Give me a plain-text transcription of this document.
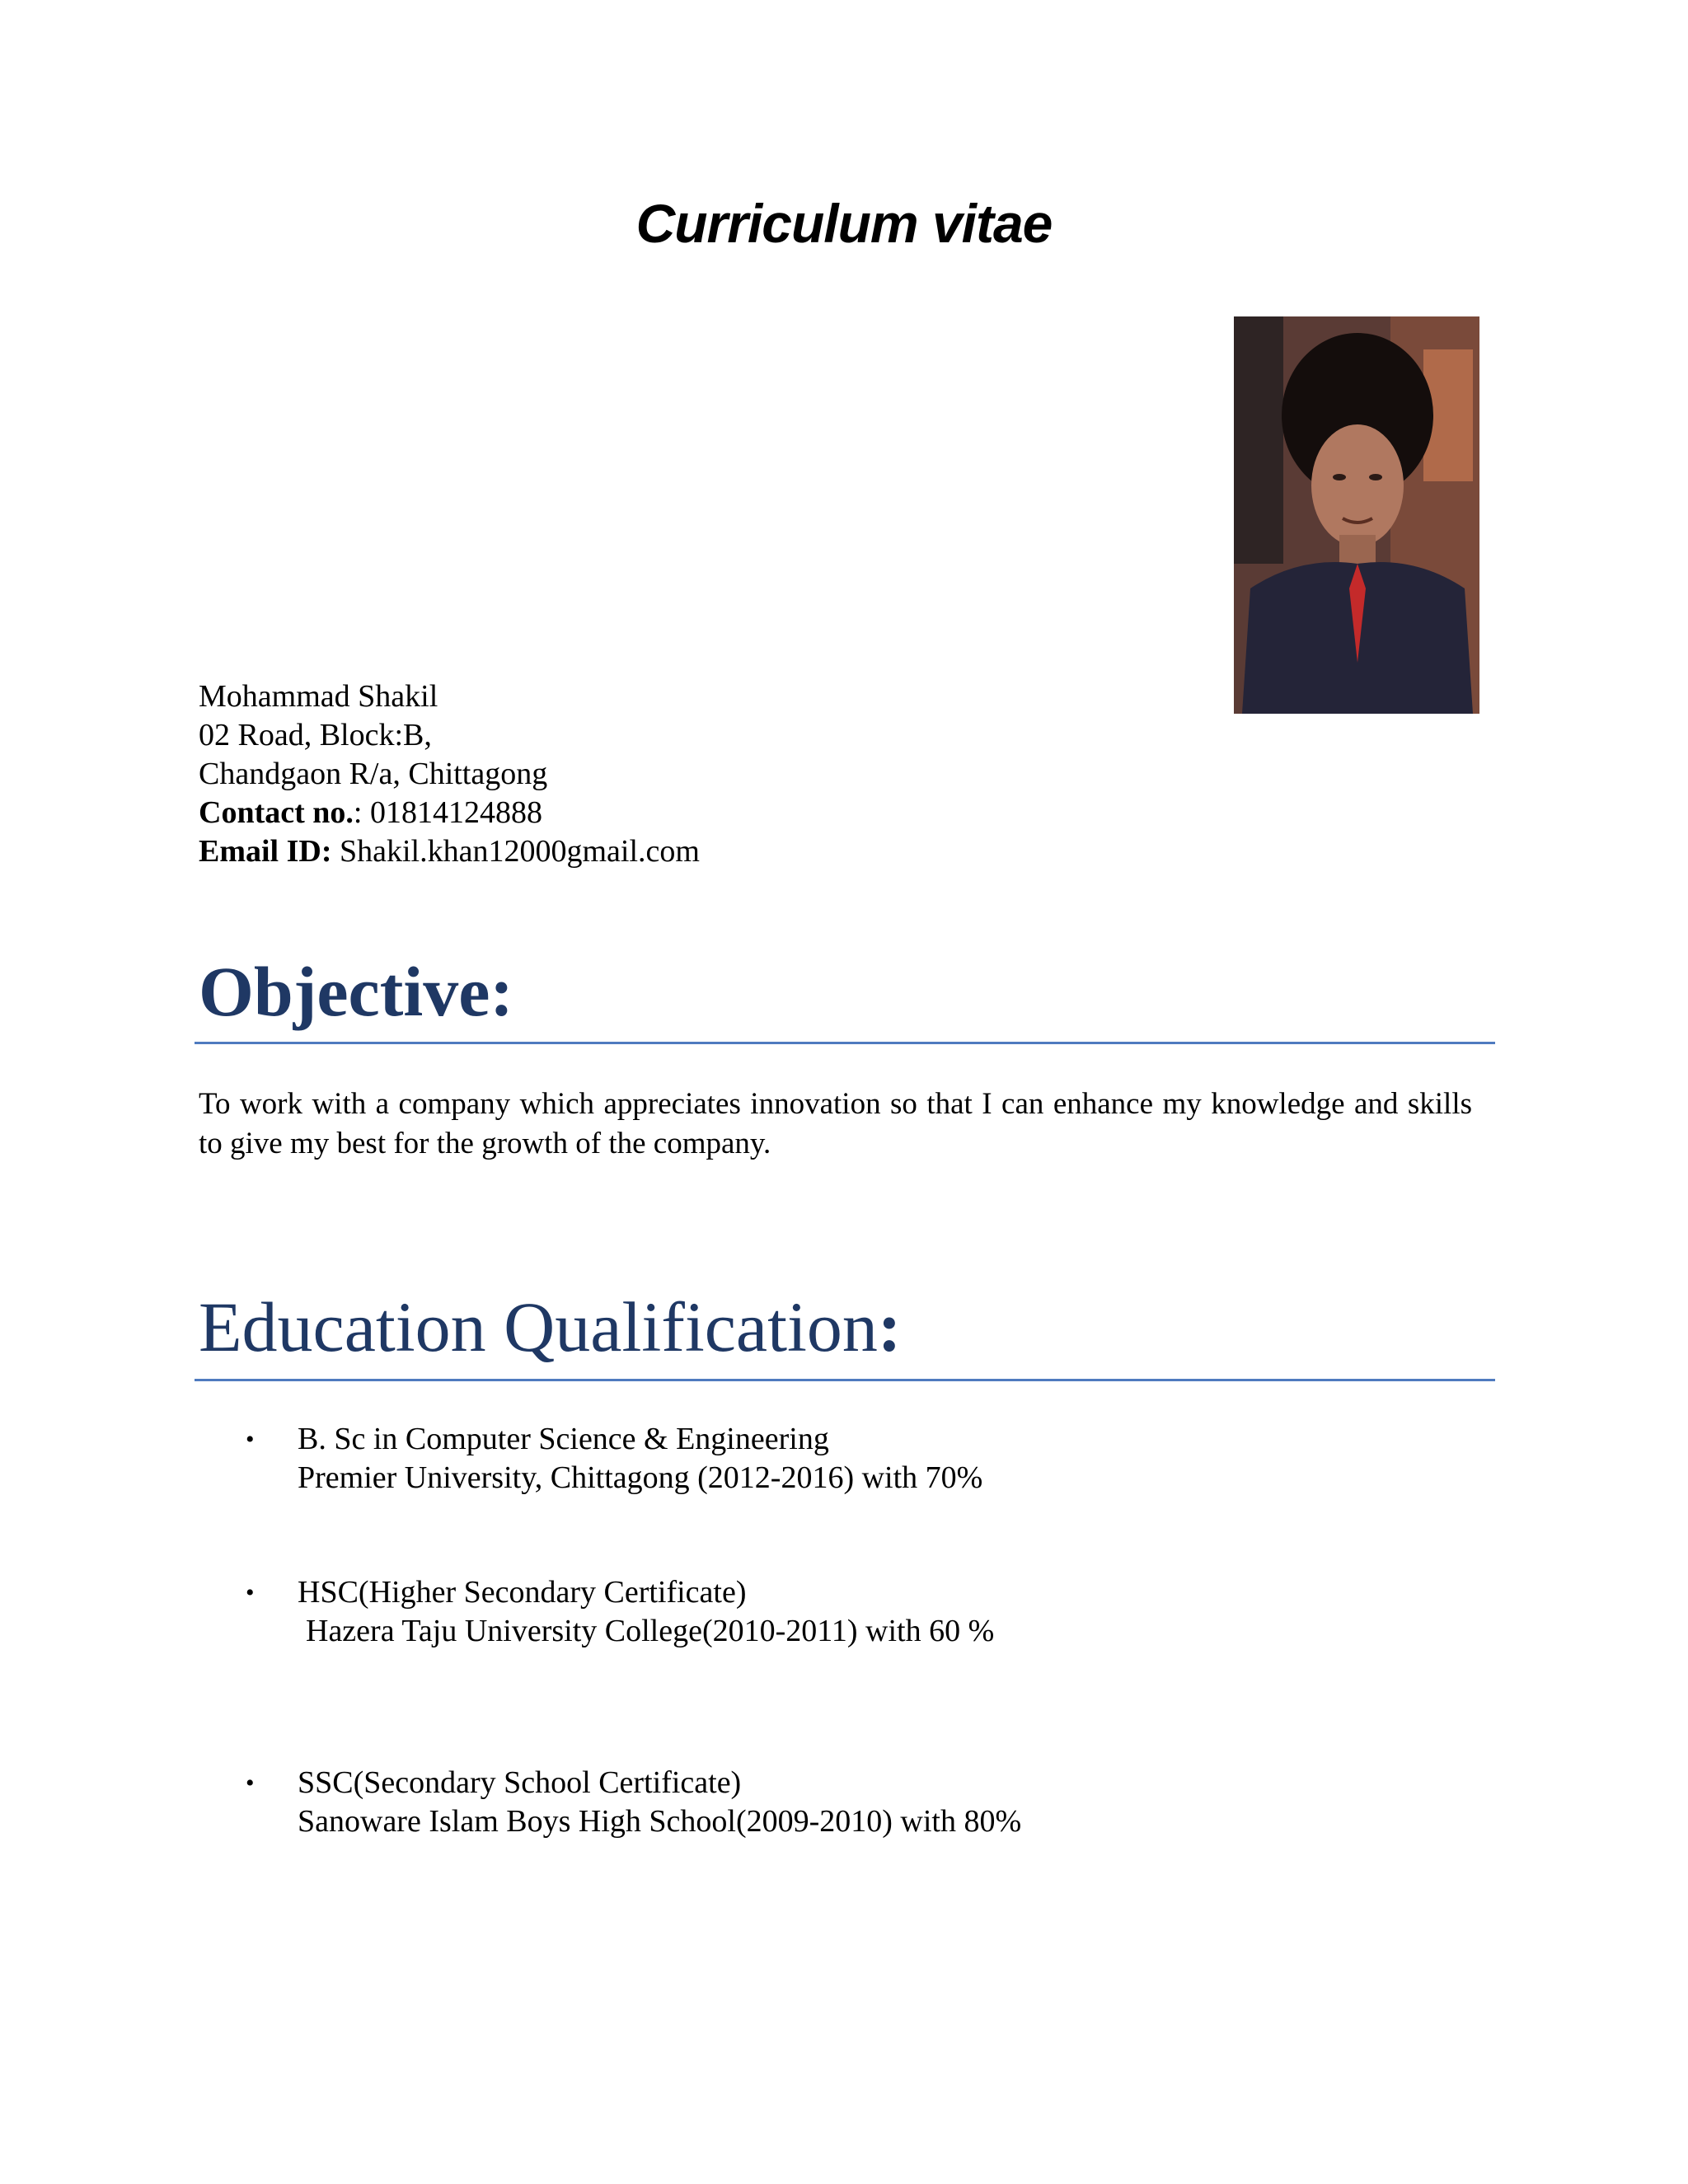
Curriculum vitae
Mohammad Shakil
02 Road, Block:B,
Chandgaon R/a, Chittagong
Contact no.: 01814124888
Email ID: Shakil.khan12000gmail.com
Objective:
To work with a company which appreciates innovation so that I can enhance my knowledge and skills to give my best for the growth of the company.
Education Qualification:
• B. Sc in Computer Science & Engineering
Premier University, Chittagong (2012-2016) with 70%
• HSC(Higher Secondary Certificate)
Hazera Taju University College(2010-2011) with 60 %
• SSC(Secondary School Certificate)
Sanoware Islam Boys High School(2009-2010) with 80%
